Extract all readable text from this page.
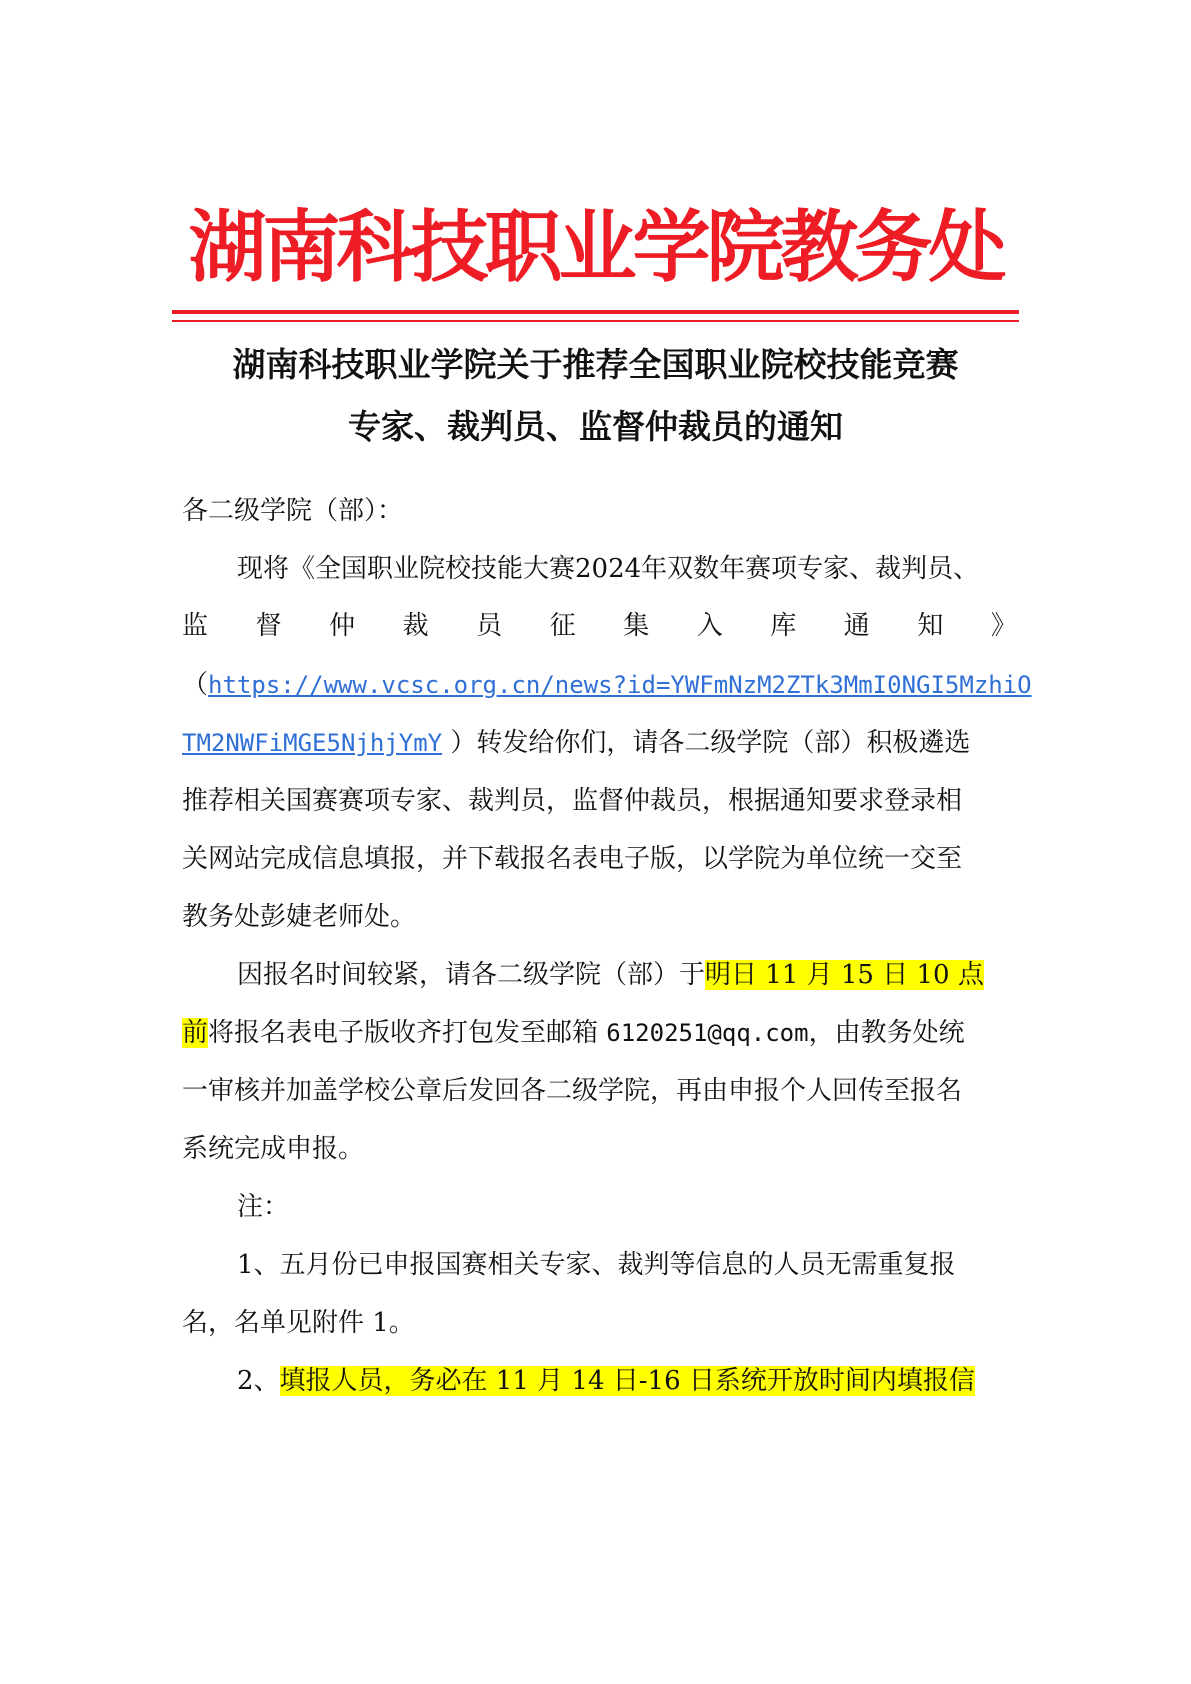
湖南科技职业学院教务处
湖南科技职业学院关于推荐全国职业院校技能竞赛
专家、裁判员、监督仲裁员的通知
各二级学院（部）：
现将《全国职业院校技能大赛2024年双数年赛项专家、裁判员、
监 督 仲 裁 员 征 集 入 库 通 知 》
（https://www.vcsc.org.cn/news?id=YWFmNzM2ZTk3MmI0NGI5MzhiO
TM2NWFiMGE5NjhjYmY ）转发给你们，请各二级学院（部）积极遴选
推荐相关国赛赛项专家、裁判员，监督仲裁员，根据通知要求登录相
关网站完成信息填报，并下载报名表电子版，以学院为单位统一交至
教务处彭婕老师处。
因报名时间较紧，请各二级学院（部）于明日 11 月 15 日 10 点
前将报名表电子版收齐打包发至邮箱 6120251@qq.com，由教务处统
一审核并加盖学校公章后发回各二级学院，再由申报个人回传至报名
系统完成申报。
注：
1、五月份已申报国赛相关专家、裁判等信息的人员无需重复报
名，名单见附件 1。
2、填报人员，务必在 11 月 14 日-16 日系统开放时间内填报信
